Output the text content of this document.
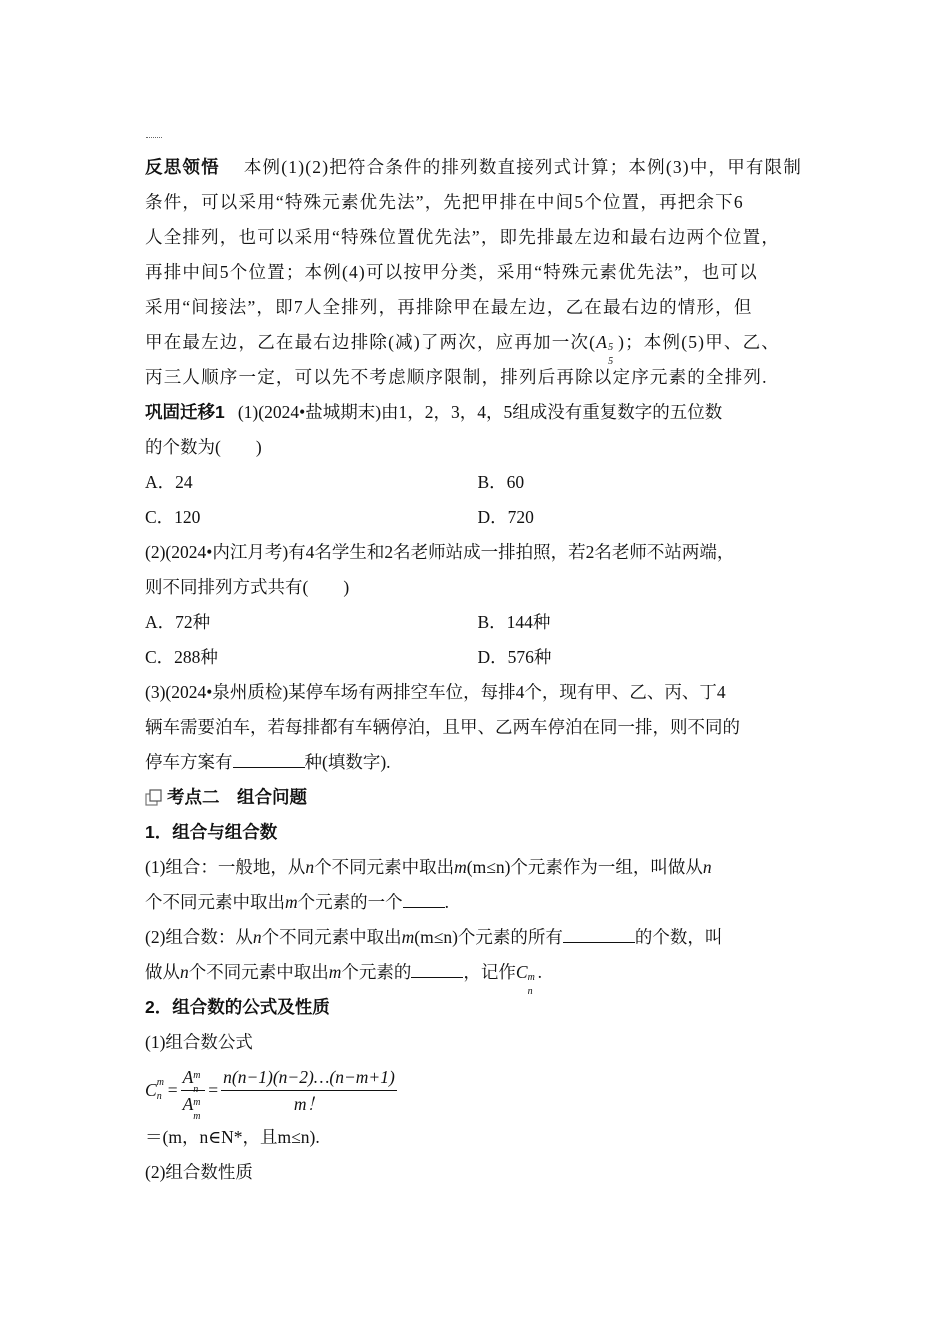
反思领悟 本例(1)(2)把符合条件的排列数直接列式计算；本例(3)中，甲有限制

条件，可以采用“特殊元素优先法”，先把甲排在中间5个位置，再把余下6

人全排列，也可以采用“特殊位置优先法”，即先排最左边和最右边两个位置，

再排中间5个位置；本例(4)可以按甲分类，采用“特殊元素优先法”，也可以

采用“间接法”，即7人全排列，再排除甲在最左边，乙在最右边的情形，但

甲在最左边，乙在最右边排除(减)了两次，应再加一次(A 5
5
)；本例(5)甲、乙、

丙三人顺序一定，可以先不考虑顺序限制，排列后再除以定序元素的全排列.

巩固迁移1 (1)(2024•盐城期末)由1，2，3，4，5组成没有重复数字的五位数

的个数为(　　)

A．24	B．60
C．120	D．720

(2)(2024•内江月考)有4名学生和2名老师站成一排拍照，若2名老师不站两端，

则不同排列方式共有(　　)

A．72种	B．144种
C．288种	D．576种

(3)(2024•泉州质检)某停车场有两排空车位，每排4个，现有甲、乙、丙、丁4

辆车需要泊车，若每排都有车辆停泊，且甲、乙两车停泊在同一排，则不同的

停车方案有	种(填数字).

考点二　组合问题

1．组合与组合数

(1)组合：一般地，从n个不同元素中取出m(m≤n)个元素作为一组，叫做从n

个不同元素中取出m个元素的一个 .

(2)组合数：从n个不同元素中取出m(m≤n)个元素的所有	的个数，叫

做从n个不同元素中取出m个元素的	，记作C m
n
.

2．组合数的公式及性质

(1)组合数公式

C m
n = A m
n
A m
$m = \frac{n(n-1)(n-2)\dots(n-m+1)}{m!}$

＝(m，n∈N*，且m≤n).

(2)组合数性质
